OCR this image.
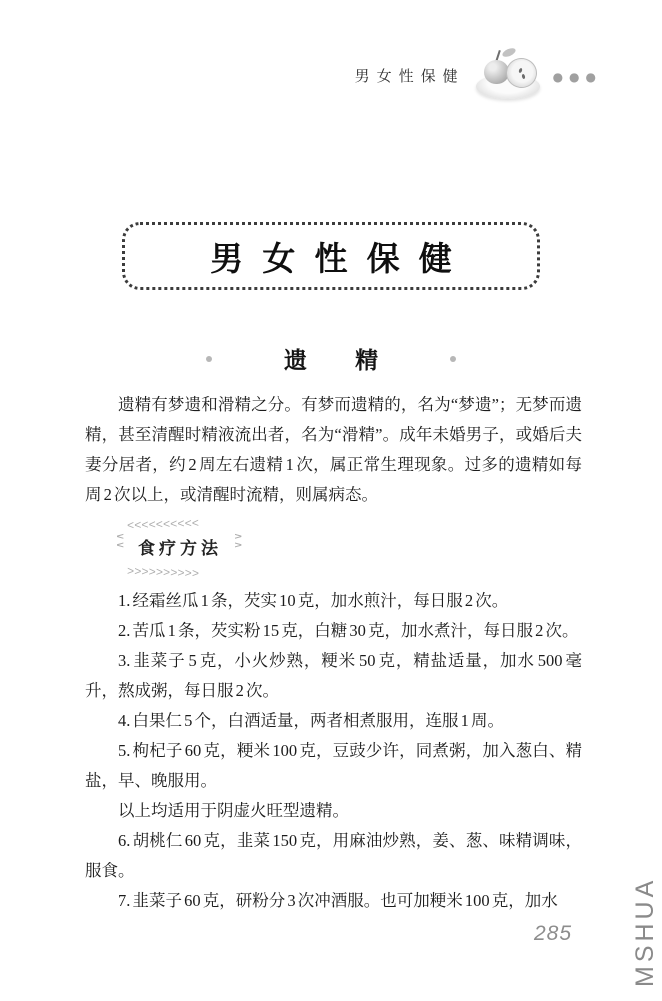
男女性保健	●●●
男女性保健
遗精

遗精有梦遗和滑精之分。有梦而遗精的，名为“梦遗”；无梦而遗精，甚至清醒时精液流出者，名为“滑精”。成年未婚男子，或婚后夫妻分居者，约 2 周左右遗精 1 次，属正常生理现象。过多的遗精如每周 2 次以上，或清醒时流精，则属病态。

<<<<<<<<<<
∨∨ 食疗方法 ∧∧
>>>>>>>>>>

1. 经霜丝瓜 1 条，芡实 10 克，加水煎汁，每日服 2 次。

2. 苦瓜 1 条，芡实粉 15 克，白糖 30 克，加水煮汁，每日服 2 次。

3. 韭菜子 5 克，小火炒熟，粳米 50 克，精盐适量，加水 500 毫升，熬成粥，每日服 2 次。

4. 白果仁 5 个，白酒适量，两者相煮服用，连服 1 周。

5. 枸杞子 60 克，粳米 100 克，豆豉少许，同煮粥，加入葱白、精盐，早、晚服用。

以上均适用于阴虚火旺型遗精。

6. 胡桃仁 60 克，韭菜 150 克，用麻油炒熟，姜、葱、味精调味，服食。

7. 韭菜子 60 克，研粉分 3 次冲酒服。也可加粳米 100 克，加水

285 MSHUA
